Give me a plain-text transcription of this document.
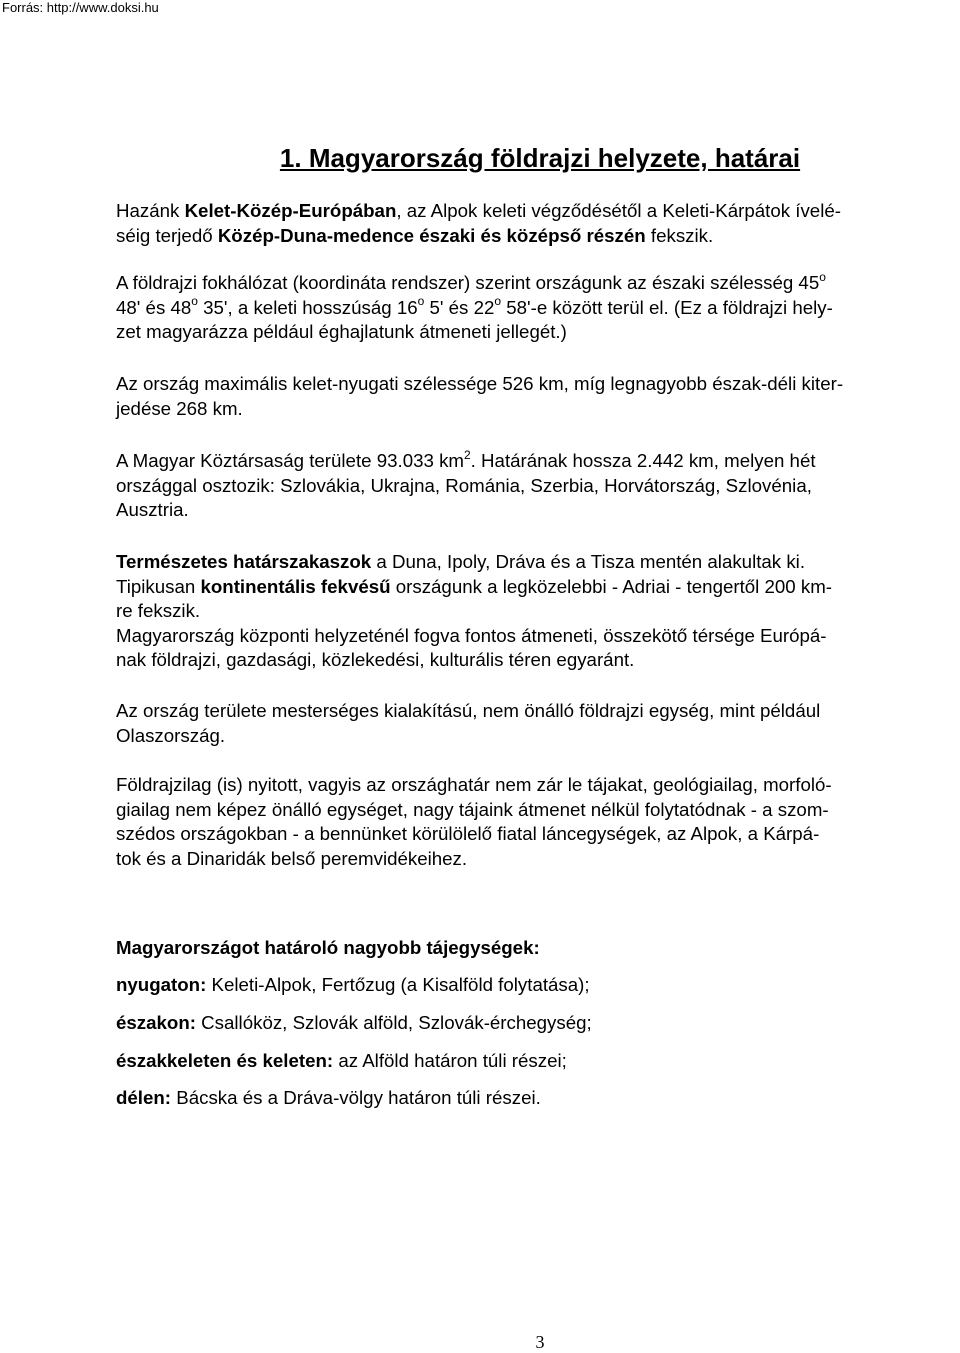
Forrás: http://www.doksi.hu
1. Magyarország földrajzi helyzete, határai

Hazánk Kelet-Közép-Európában, az Alpok keleti végződésétől a Keleti-Kárpátok ívelé-
séig terjedő Közép-Duna-medence északi és középső részén fekszik.

A földrajzi fokhálózat (koordináta rendszer) szerint országunk az északi szélesség 45$^o$
48' és 48$^o$ 35', a keleti hosszúság 16$^o$ 5' és 22$^o$ 58'-e között terül el. (Ez a földrajzi hely-
zet magyarázza például éghajlatunk átmeneti jellegét.)

Az ország maximális kelet-nyugati szélessége 526 km, míg legnagyobb észak-déli kiter-
jedése 268 km.

A Magyar Köztársaság területe 93.033 $km^2$. Határának hossza 2.442 km, melyen hét
országgal osztozik: Szlovákia, Ukrajna, Románia, Szerbia, Horvátország, Szlovénia,
Ausztria.

Természetes határszakaszok a Duna, Ipoly, Dráva és a Tisza mentén alakultak ki.
Tipikusan kontinentális fekvésű országunk a legközelebbi - Adriai - tengertől 200 km-
re fekszik.
Magyarország központi helyzeténél fogva fontos átmeneti, összekötő térsége Európá-
nak földrajzi, gazdasági, közlekedési, kulturális téren egyaránt.

Az ország területe mesterséges kialakítású, nem önálló földrajzi egység, mint például
Olaszország.

Földrajzilag (is) nyitott, vagyis az országhatár nem zár le tájakat, geológiailag, morfoló-
giailag nem képez önálló egységet, nagy tájaink átmenet nélkül folytatódnak - a szom-
szédos országokban - a bennünket körülölelő fiatal láncegységek, az Alpok, a Kárpá-
tok és a Dinaridák belső peremvidékeihez.

Magyarországot határoló nagyobb tájegységek:

nyugaton: Keleti-Alpok, Fertőzug (a Kisalföld folytatása);

északon: Csallóköz, Szlovák alföld, Szlovák-érchegység;

északkeleten és keleten: az Alföld határon túli részei;

délen: Bácska és a Dráva-völgy határon túli részei.

3
